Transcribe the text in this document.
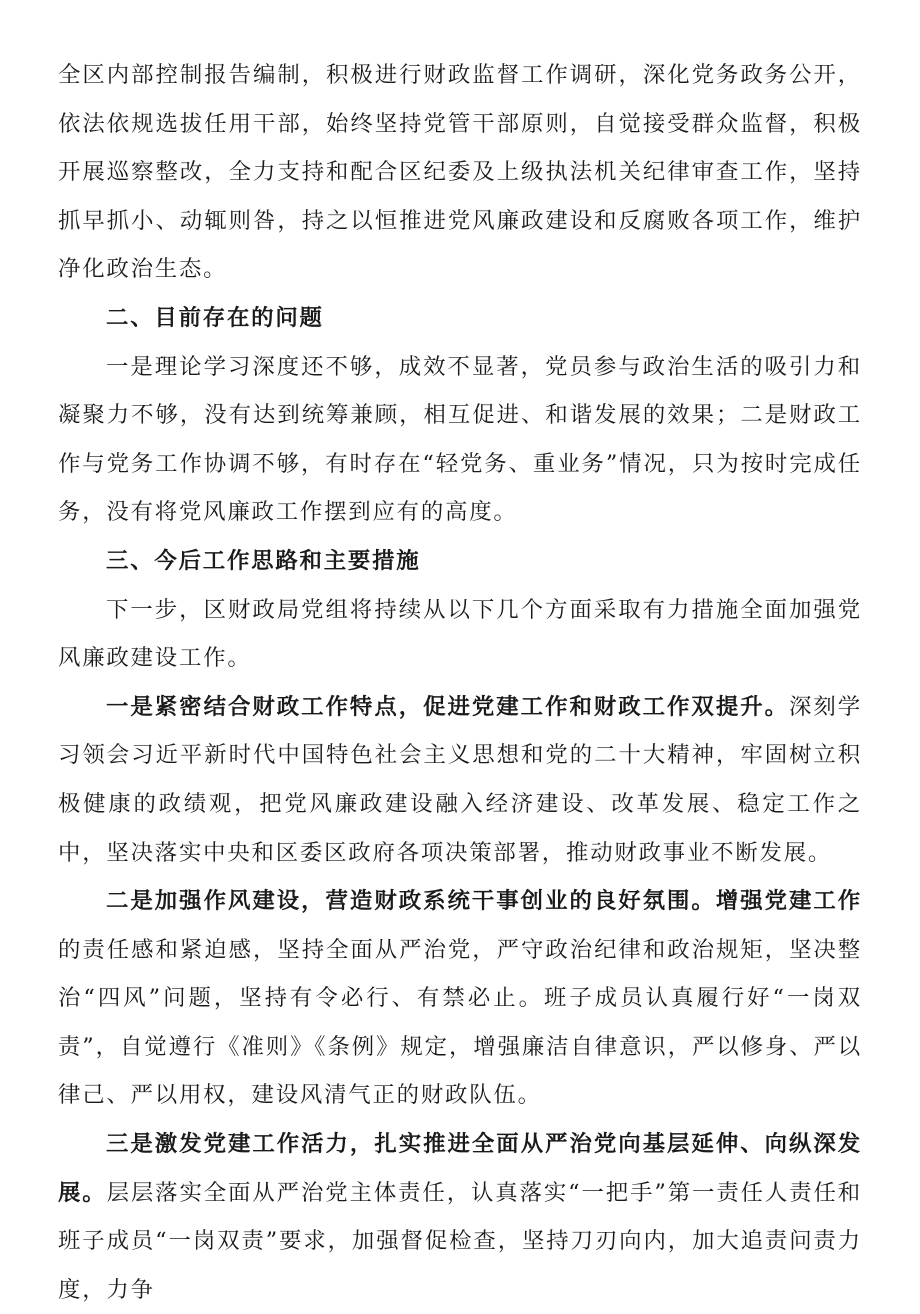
全区内部控制报告编制，积极进行财政监督工作调研，深化党务政务公开，依法依规选拔任用干部，始终坚持党管干部原则，自觉接受群众监督，积极开展巡察整改，全力支持和配合区纪委及上级执法机关纪律审查工作，坚持抓早抓小、动辄则咎，持之以恒推进党风廉政建设和反腐败各项工作，维护净化政治生态。

二、目前存在的问题

一是理论学习深度还不够，成效不显著，党员参与政治生活的吸引力和凝聚力不够，没有达到统筹兼顾，相互促进、和谐发展的效果；二是财政工作与党务工作协调不够，有时存在“轻党务、重业务”情况，只为按时完成任务，没有将党风廉政工作摆到应有的高度。

三、今后工作思路和主要措施

下一步，区财政局党组将持续从以下几个方面采取有力措施全面加强党风廉政建设工作。

一是紧密结合财政工作特点，促进党建工作和财政工作双提升。深刻学习领会习近平新时代中国特色社会主义思想和党的二十大精神，牢固树立积极健康的政绩观，把党风廉政建设融入经济建设、改革发展、稳定工作之中，坚决落实中央和区委区政府各项决策部署，推动财政事业不断发展。

二是加强作风建设，营造财政系统干事创业的良好氛围。增强党建工作的责任感和紧迫感，坚持全面从严治党，严守政治纪律和政治规矩，坚决整治“四风”问题，坚持有令必行、有禁必止。班子成员认真履行好“一岗双责”，自觉遵行《准则》《条例》规定，增强廉洁自律意识，严以修身、严以律己、严以用权，建设风清气正的财政队伍。

三是激发党建工作活力，扎实推进全面从严治党向基层延伸、向纵深发展。层层落实全面从严治党主体责任，认真落实“一把手”第一责任人责任和班子成员“一岗双责”要求，加强督促检查，坚持刀刃向内，加大追责问责力度，力争
